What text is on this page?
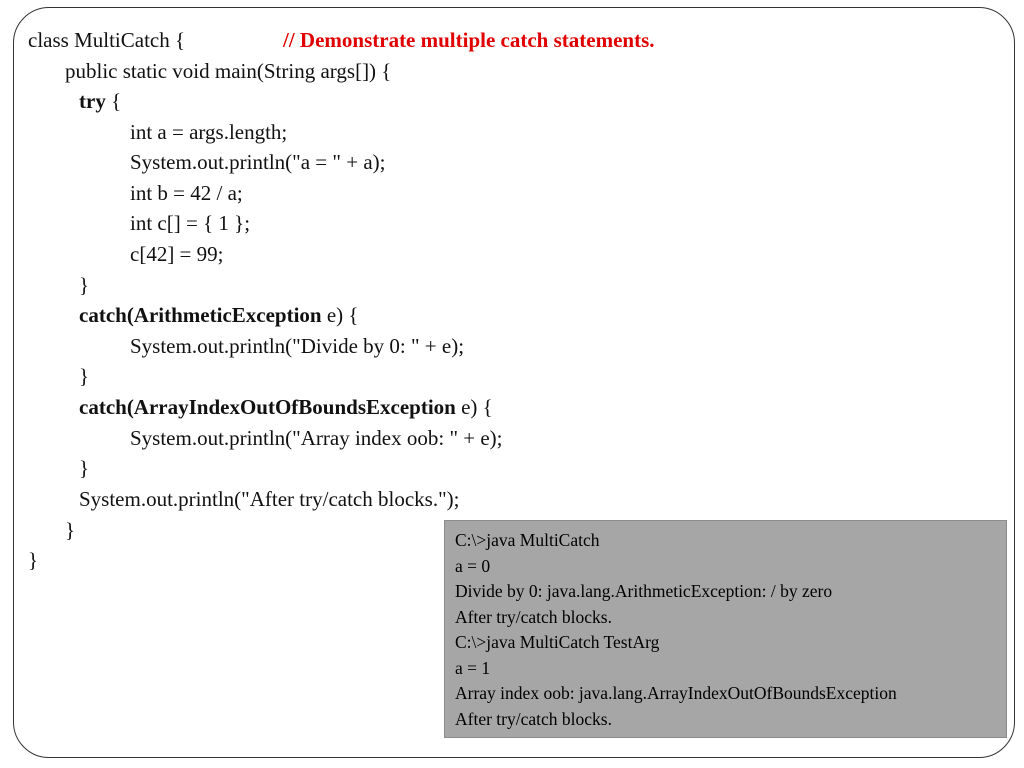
class MultiCatch {	// Demonstrate multiple catch statements.
public static void main(String args[]) {
try {
int a = args.length;
System.out.println("a = " + a);
int b = 42 / a;
int c[] = { 1 };
c[42] = 99;
}
catch(ArithmeticException e) {
System.out.println("Divide by 0: " + e);
}
catch(ArrayIndexOutOfBoundsException e) {
System.out.println("Array index oob: " + e);
}
System.out.println("After try/catch blocks.");
}
}
C:\>java MultiCatch
a = 0
Divide by 0: java.lang.ArithmeticException: / by zero
After try/catch blocks.
C:\>java MultiCatch TestArg
a = 1
Array index oob: java.lang.ArrayIndexOutOfBoundsException
After try/catch blocks.
